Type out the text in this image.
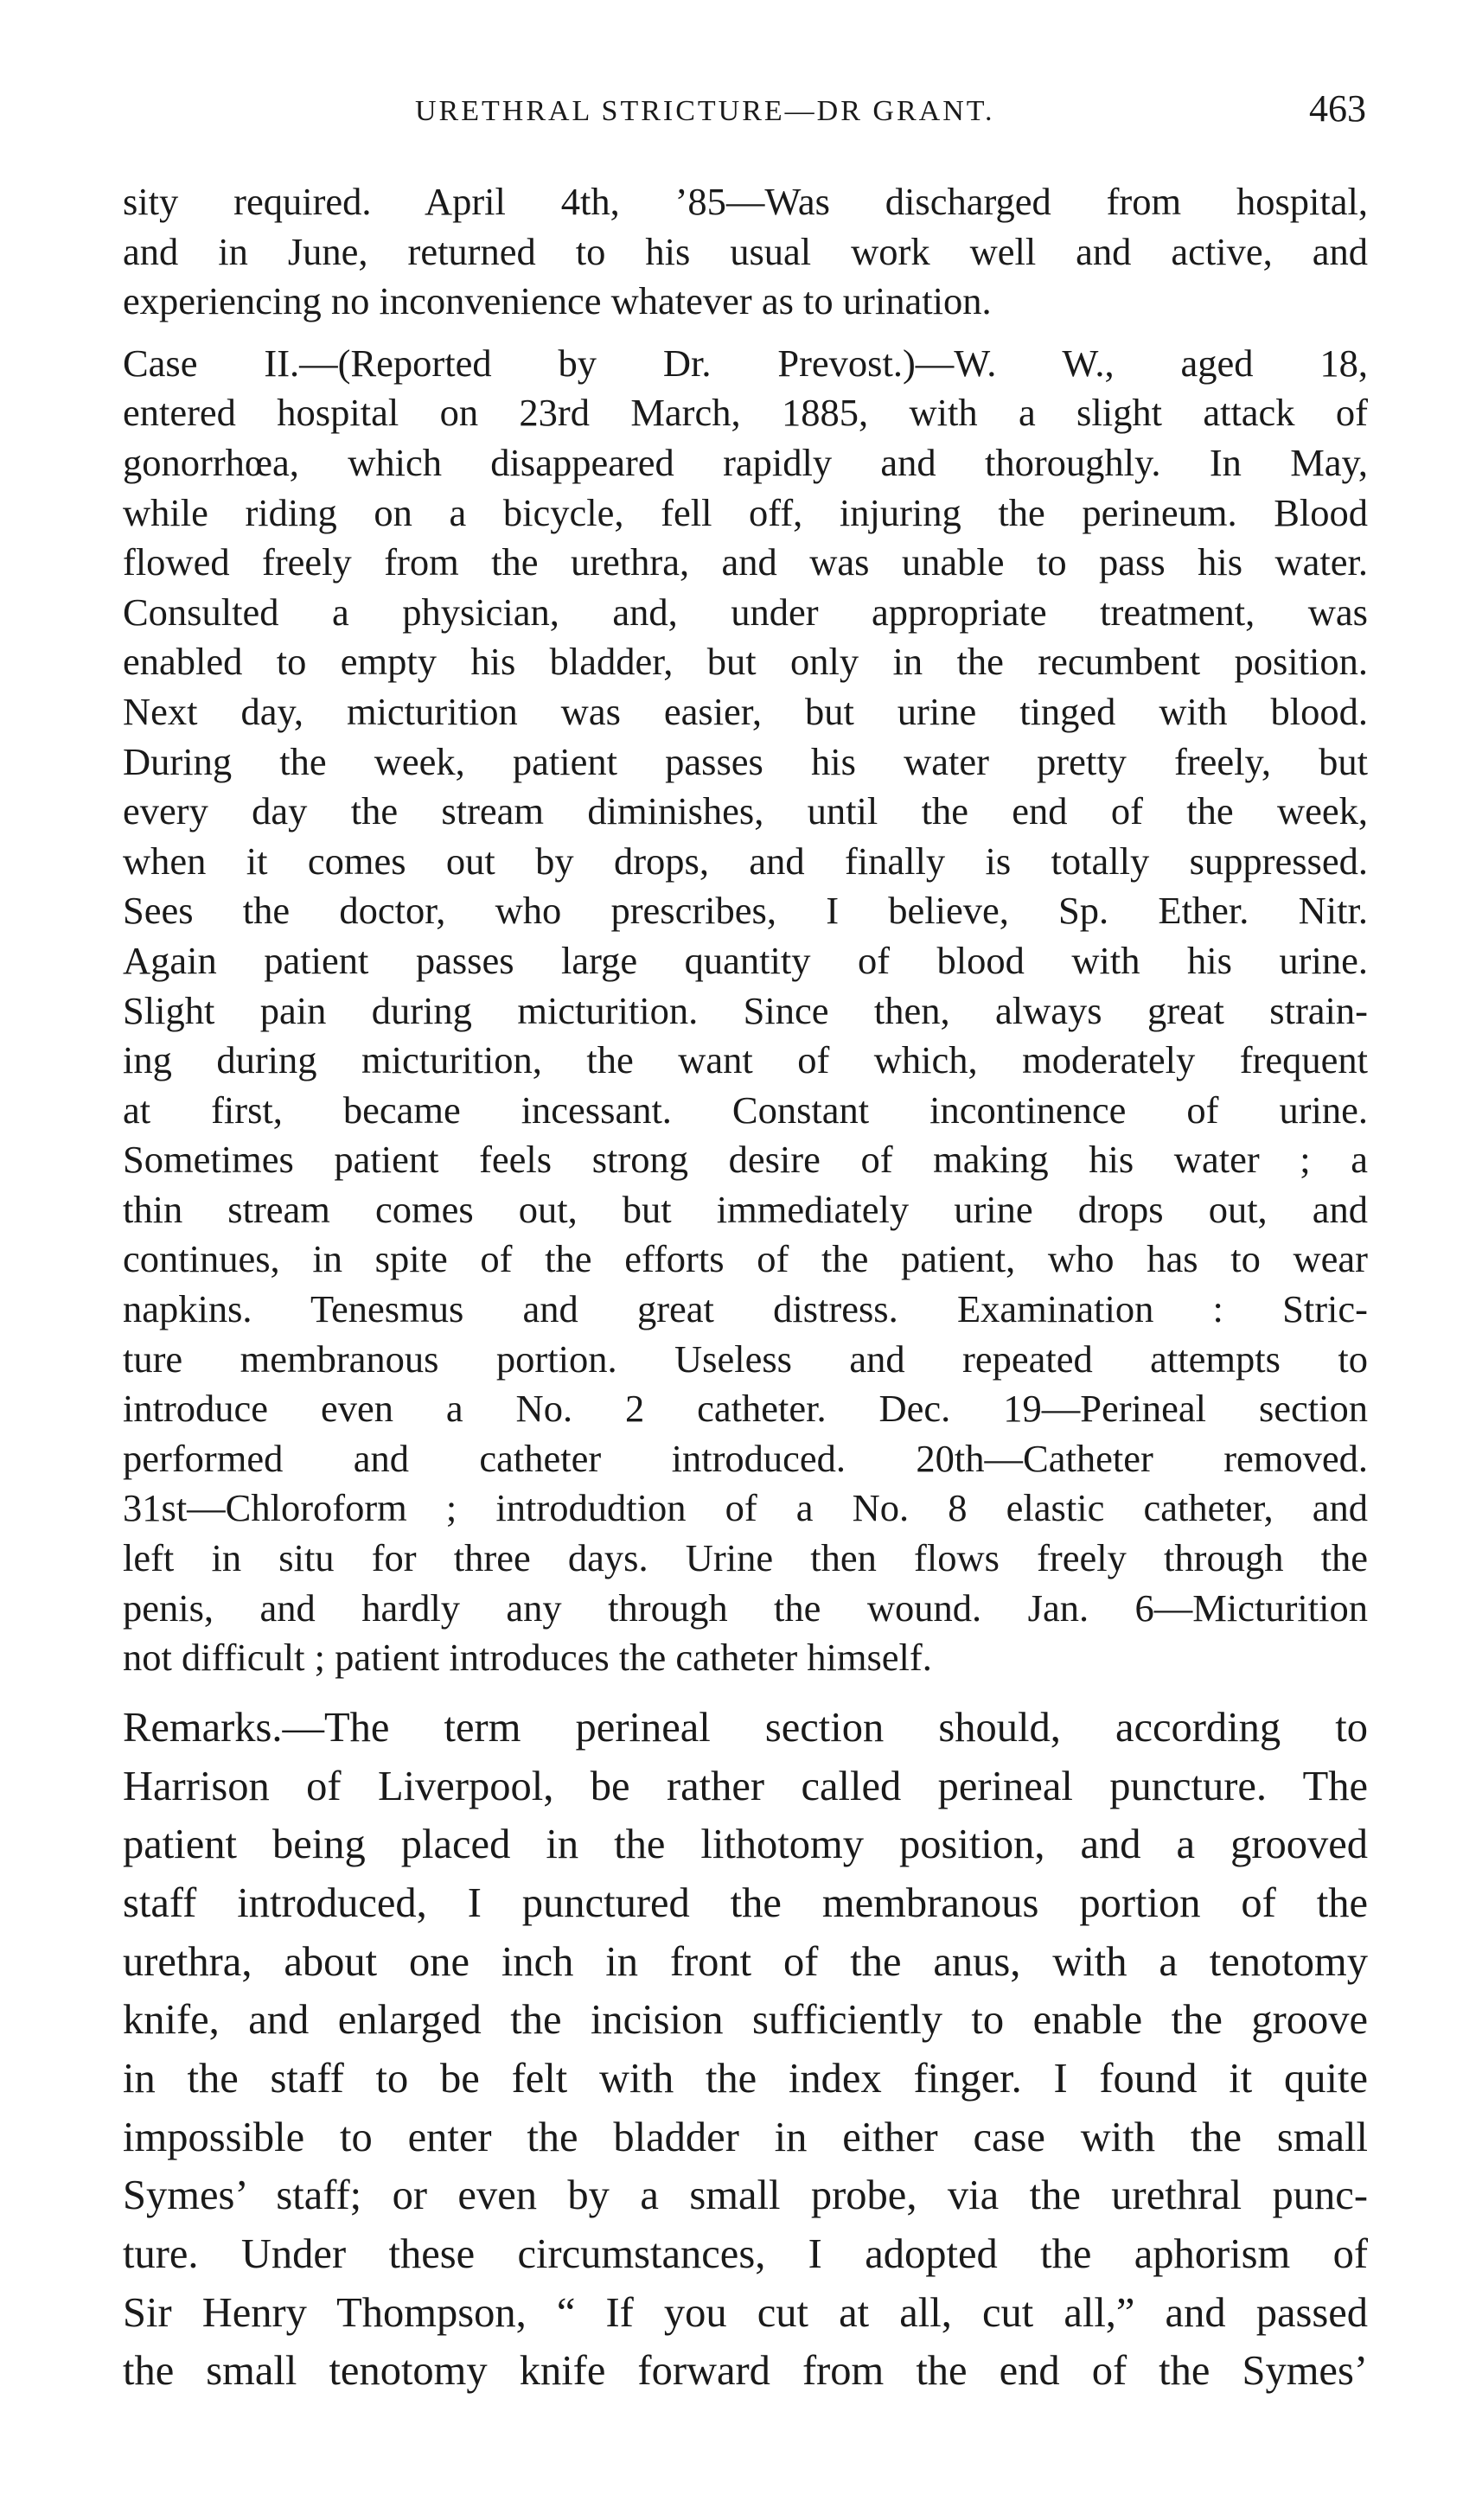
URETHRAL STRICTURE—DR GRANT.	463
sity required. April 4th, ’85—Was discharged from hospital,
and in June, returned to his usual work well and active, and
experiencing no inconvenience whatever as to urination.
Case II.—(Reported by Dr. Prevost.)—W. W., aged 18,
entered hospital on 23rd March, 1885, with a slight attack of
gonorrhœa, which disappeared rapidly and thoroughly. In May,
while riding on a bicycle, fell off, injuring the perineum. Blood
flowed freely from the urethra, and was unable to pass his water.
Consulted a physician, and, under appropriate treatment, was
enabled to empty his bladder, but only in the recumbent position.
Next day, micturition was easier, but urine tinged with blood.
During the week, patient passes his water pretty freely, but
every day the stream diminishes, until the end of the week,
when it comes out by drops, and finally is totally suppressed.
Sees the doctor, who prescribes, I believe, Sp. Ether. Nitr.
Again patient passes large quantity of blood with his urine.
Slight pain during micturition. Since then, always great strain-
ing during micturition, the want of which, moderately frequent
at first, became incessant. Constant incontinence of urine.
Sometimes patient feels strong desire of making his water ; a
thin stream comes out, but immediately urine drops out, and
continues, in spite of the efforts of the patient, who has to wear
napkins. Tenesmus and great distress. Examination : Stric-
ture membranous portion. Useless and repeated attempts to
introduce even a No. 2 catheter. Dec. 19—Perineal section
performed and catheter introduced. 20th—Catheter removed.
31st—Chloroform ; introdudtion of a No. 8 elastic catheter, and
left in situ for three days. Urine then flows freely through the
penis, and hardly any through the wound. Jan. 6—Micturition
not difficult ; patient introduces the catheter himself.
Remarks.—The term perineal section should, according to
Harrison of Liverpool, be rather called perineal puncture. The
patient being placed in the lithotomy position, and a grooved
staff introduced, I punctured the membranous portion of the
urethra, about one inch in front of the anus, with a tenotomy
knife, and enlarged the incision sufficiently to enable the groove
in the staff to be felt with the index finger. I found it quite
impossible to enter the bladder in either case with the small
Symes’ staff; or even by a small probe, via the urethral punc-
ture. Under these circumstances, I adopted the aphorism of
Sir Henry Thompson, “ If you cut at all, cut all,” and passed
the small tenotomy knife forward from the end of the Symes’
